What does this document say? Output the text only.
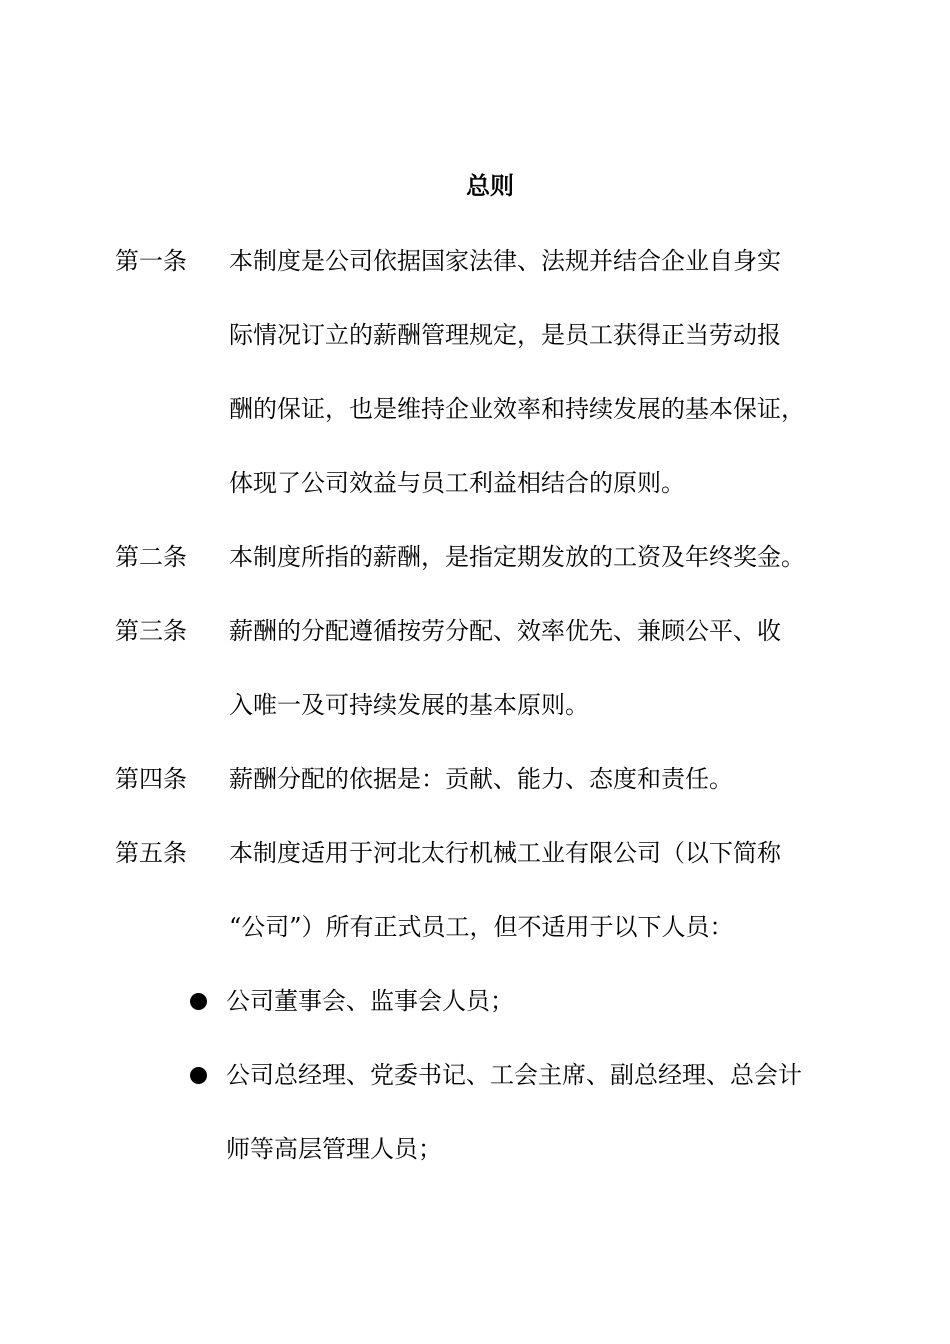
总则
第一条 本制度是公司依据国家法律、法规并结合企业自身实
际情况订立的薪酬管理规定，是员工获得正当劳动报
酬的保证，也是维持企业效率和持续发展的基本保证，
体现了公司效益与员工利益相结合的原则。
第二条 本制度所指的薪酬，是指定期发放的工资及年终奖金。
第三条 薪酬的分配遵循按劳分配、效率优先、兼顾公平、收
入唯一及可持续发展的基本原则。
第四条 薪酬分配的依据是：贡献、能力、态度和责任。
第五条 本制度适用于河北太行机械工业有限公司（以下简称
“公司”）所有正式员工，但不适用于以下人员：
公司董事会、监事会人员；
公司总经理、党委书记、工会主席、副总经理、总会计
师等高层管理人员；
